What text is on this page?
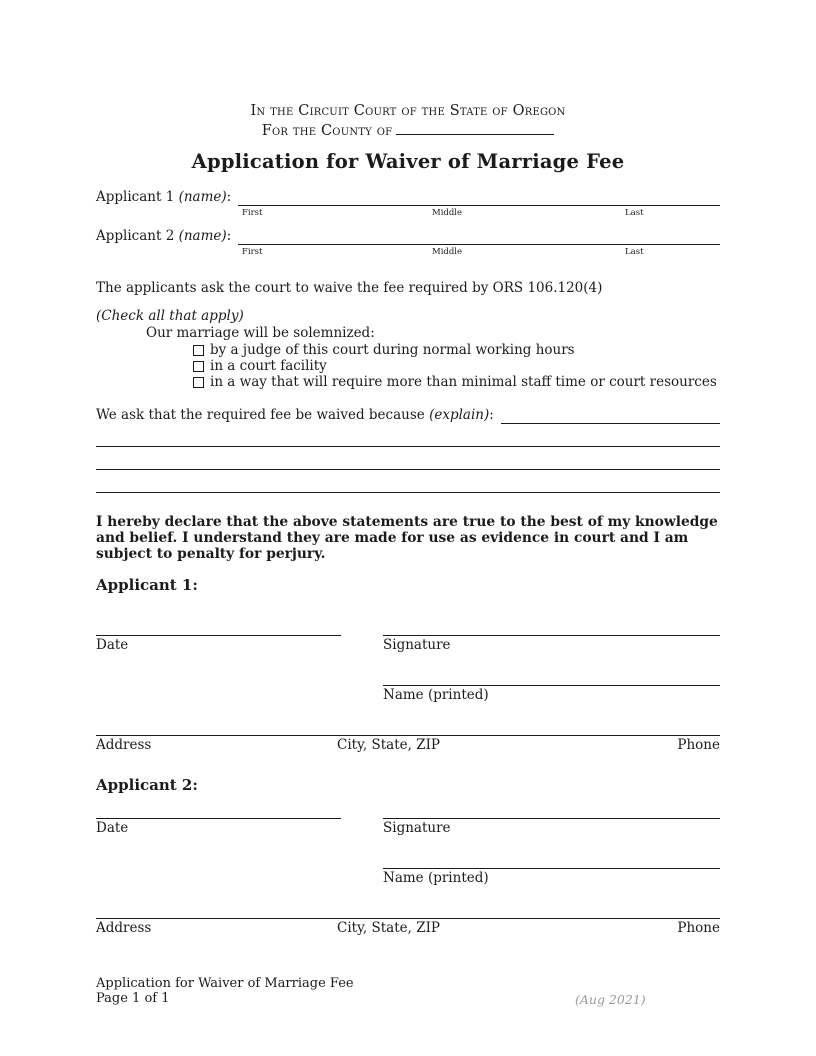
In the Circuit Court of the State of Oregon
For the County of
Application for Waiver of Marriage Fee
Applicant 1 (name):
First	Middle	Last
Applicant 2 (name):
First	Middle	Last
The applicants ask the court to waive the fee required by ORS 106.120(4)
(Check all that apply)
Our marriage will be solemnized:
by a judge of this court during normal working hours
in a court facility
in a way that will require more than minimal staff time or court resources
We ask that the required fee be waived because (explain):
I hereby declare that the above statements are true to the best of my knowledge and belief. I understand they are made for use as evidence in court and I am subject to penalty for perjury.
Applicant 1:
Date	Signature
Name (printed)
Address	City, State, ZIP	Phone
Applicant 2:
Date	Signature
Name (printed)
Address	City, State, ZIP	Phone
Application for Waiver of Marriage Fee
Page 1 of 1	(Aug 2021)
